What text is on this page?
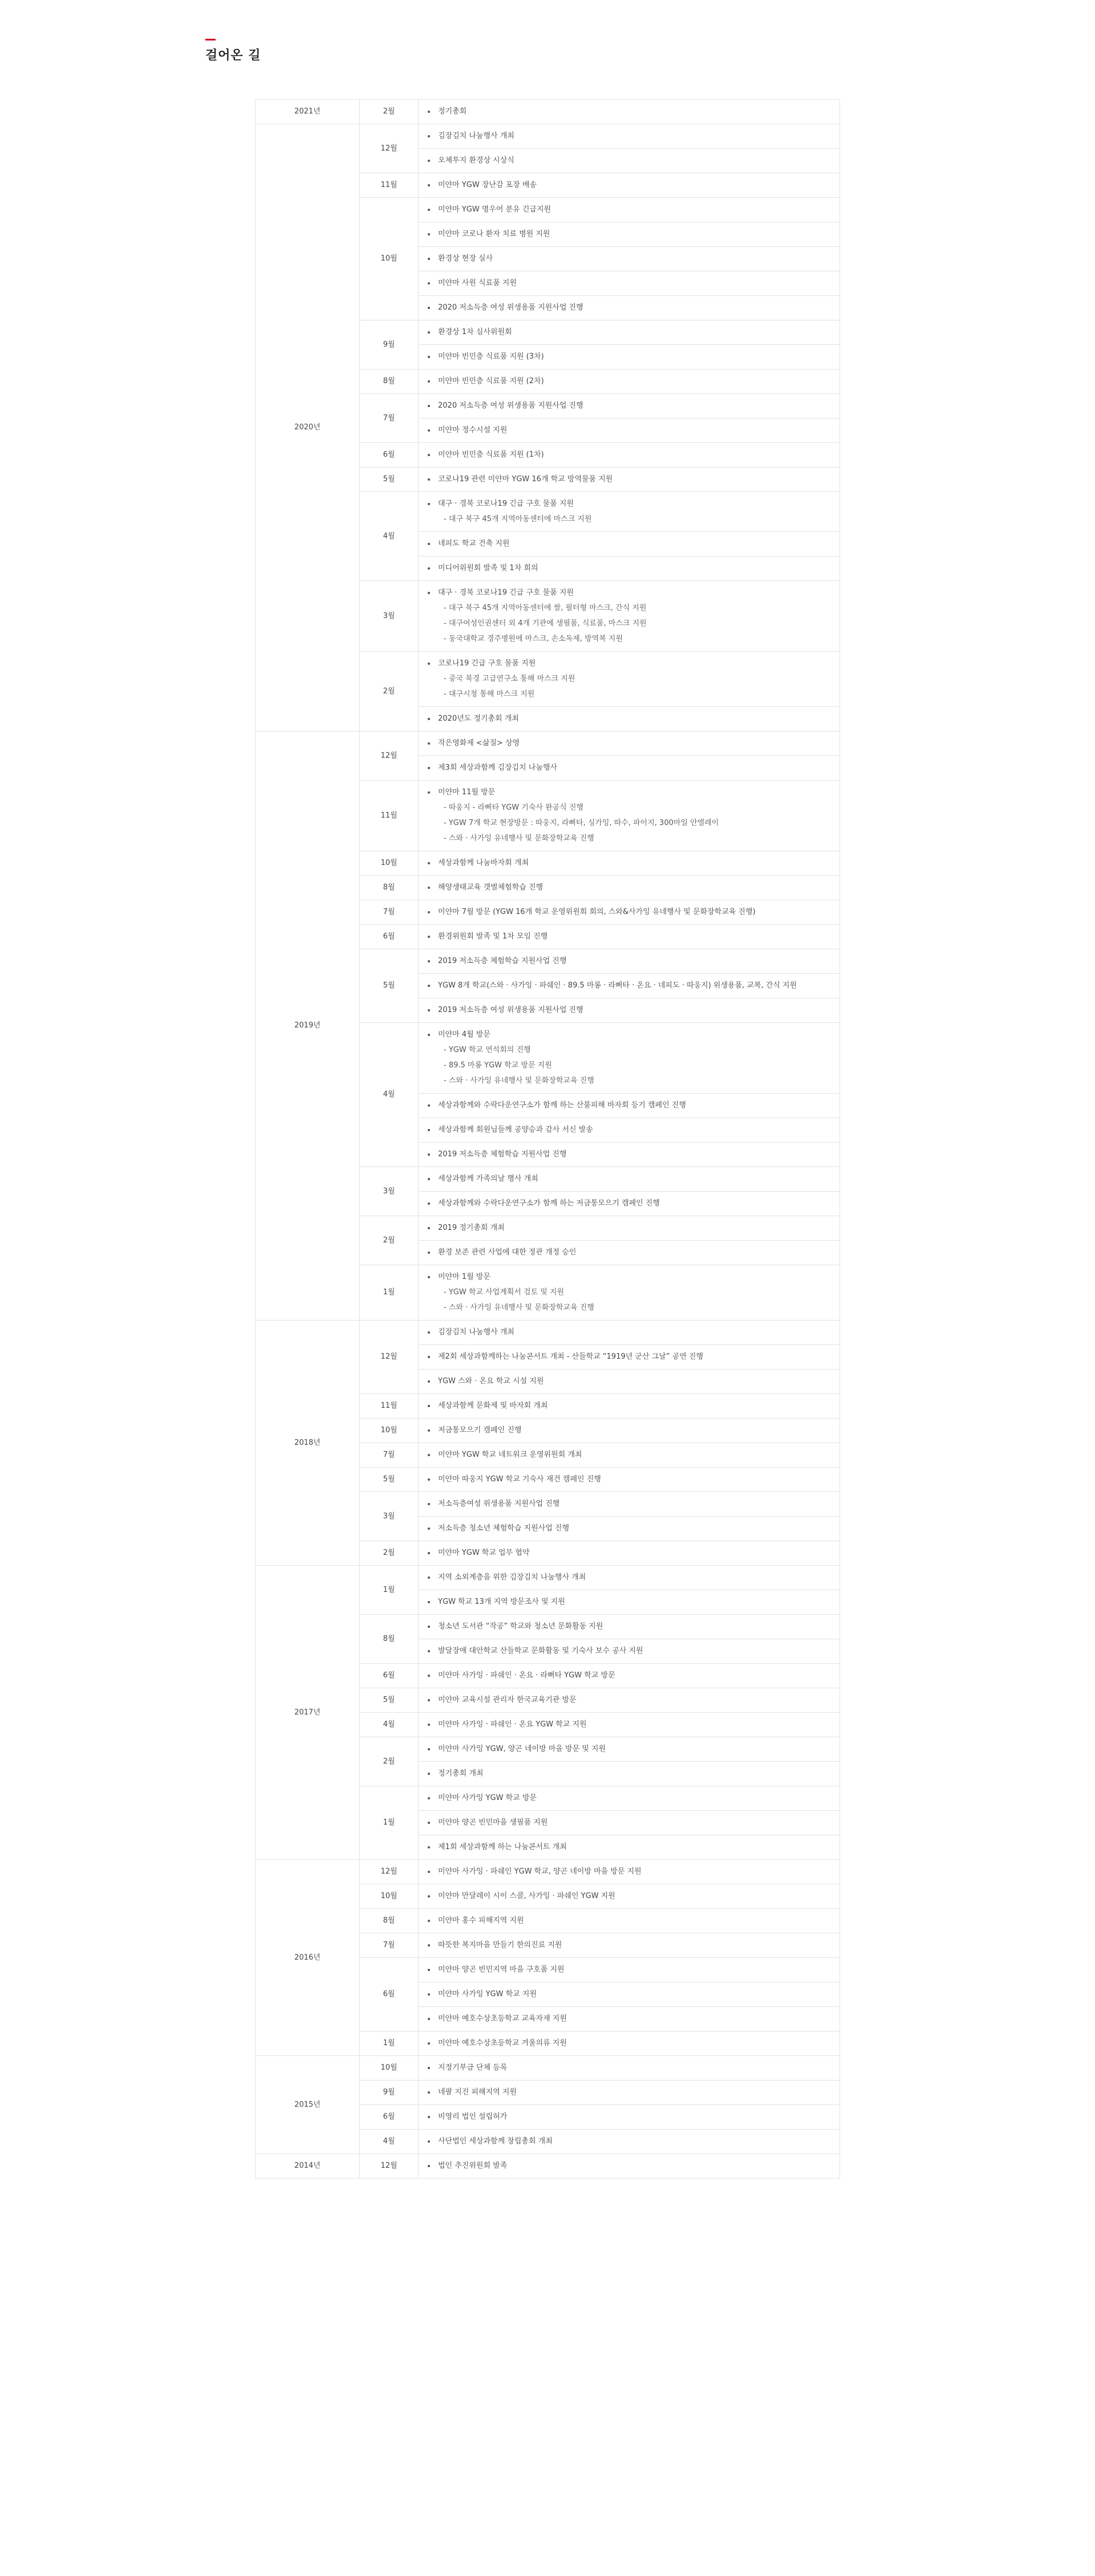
걸어온 길
2021년	2월	정기총회
2020년	12월	김장김치 나눔행사 개최
		오체투지 환경상 시상식
	11월	미얀마 YGW 장난감 포장 배송
	10월	미얀마 YGW 명우어 분유 긴급지원
		미얀마 코로나 환자 치료 병원 지원
		환경상 현장 실사
		미얀마 사원 식료품 지원
		2020 저소득층 여성 위생용품 지원사업 진행
	9월	환경상 1차 심사위원회
		미얀마 빈민층 식료품 지원 (3차)
	8월	미얀마 빈민층 식료품 지원 (2차)
	7월	2020 저소득층 여성 위생용품 지원사업 진행
		미얀마 정수시설 지원
	6월	미얀마 빈민층 식료품 지원 (1차)
	5월	코로나19 관련 미얀마 YGW 16개 학교 방역물품 지원
	4월	대구 · 경북 코로나19 긴급 구호 물품 지원
- 대구 북구 45개 지역아동센터에 마스크 지원

		네피도 학교 건축 지원
		미디어위원회 발족 및 1차 회의
	3월	대구 · 경북 코로나19 긴급 구호 물품 지원
- 대구 북구 45개 지역아동센터에 쌀, 필터형 마스크, 간식 지원
- 대구여성인권센터 외 4개 기관에 생필품, 식료품, 마스크 지원
- 동국대학교 경주병원에 마스크, 손소독제, 방역복 지원

	2월	코로나19 긴급 구호 물품 지원
- 중국 북경 고급연구소 통해 마스크 지원
- 대구시청 통해 마스크 지원

		2020년도 정기총회 개최
2019년	12월	작은영화제 <삶질> 상영
		제3회 세상과함께 김장김치 나눔행사
	11월	미얀마 11월 방문
- 따웅지 - 라뻐타 YGW 기숙사 완공식 진행
- YGW 7개 학교 현장방문 : 따웅지, 라뻐타, 싱가잉, 따수, 파이지, 300마일 안엘레이
- 스와 · 사가잉 유네행사 및 문화장학교육 진행

	10월	세상과함께 나눔바자회 개최
	8월	해양생태교육 갯벌체험학습 진행
	7월	미얀마 7월 방문 (YGW 16개 학교 운영위원회 회의, 스와&사가잉 유네행사 및 문화장학교육 진행)
	6월	환경위원회 발족 및 1차 모임 진행
	5월	2019 저소득층 체험학습 지원사업 진행
		YGW 8개 학교(스와 · 사가잉 · 파쉐인 · 89.5 마롱 · 라뻐타 · 온요 · 네피도 · 따웅지) 위생용품, 교복, 간식 지원
		2019 저소득층 여성 위생용품 지원사업 진행
	4월	미얀마 4월 방문
- YGW 학교 연석회의 진행
- 89.5 마롱 YGW 학교 방문 지원
- 스와 · 사가잉 유네행사 및 문화장학교육 진행

		세상과함께와 수락다운연구소가 함께 하는 산불피해 바자회 등기 캠페인 진행
		세상과함께 회원님들께 공양승과 감사 서신 발송
		2019 저소득층 체험학습 지원사업 진행
	3월	세상과함께 가족의날 행사 개최
		세상과함께와 수락다운연구소가 함께 하는 저금통모으기 캠페인 진행
	2월	2019 정기총회 개최
		환경 보존 관련 사업에 대한 정관 개정 승인
	1월	미얀마 1월 방문
- YGW 학교 사업계획서 검토 및 지원
- 스와 · 사가잉 유네행사 및 문화장학교육 진행

2018년	12월	김장김치 나눔행사 개최
		제2회 세상과함께하는 나눔콘서트 개최 - 산들학교 “1919년 군산 그날” 공연 진행
		YGW 스와 · 온요 학교 시설 지원
	11월	세상과함께 문화제 및 바자회 개최
	10월	저금통모으기 캠페인 진행
	7월	미얀마 YGW 학교 네트워크 운영위원회 개최
	5월	미얀마 따웅지 YGW 학교 기숙사 재건 캠페인 진행
	3월	저소득층여성 위생용품 지원사업 진행
		저소득층 청소년 체험학습 지원사업 진행
	2월	미얀마 YGW 학교 업무 협약
2017년	1월	지역 소외계층을 위한 김장김치 나눔행사 개최
		YGW 학교 13개 지역 방문조사 및 지원
	8월	청소년 도서관 “작공” 학교와 청소년 문화활동 지원
		발달장애 대안학교 산들학교 문화활동 및 기숙사 보수 공사 지원
	6월	미얀마 사가잉 · 파쉐인 · 온요 · 라뻐타 YGW 학교 방문
	5월	미얀마 교육시설 관리자 한국교육기관 방문
	4월	미얀마 사가잉 · 파쉐인 · 온요 YGW 학교 지원
	2월	미얀마 사가잉 YGW, 양곤 네이방 마을 방문 및 지원
		정기총회 개최
	1월	미얀마 사가잉 YGW 학교 방문
		미얀마 양곤 빈민마을 생필품 지원
		제1회 세상과함께 하는 나눔콘서트 개최
2016년	12월	미얀마 사가잉 · 파쉐인 YGW 학교, 양곤 네이방 마을 방문 지원
	10월	미얀마 만달레이 시이 스콜, 사가잉 · 파쉐인 YGW 지원
	8월	미얀마 홍수 피해지역 지원
	7월	따뜻한 복지마을 만들기 한의진료 지원
	6월	미얀마 양곤 빈민지역 마을 구호품 지원
		미얀마 사가잉 YGW 학교 지원
		미얀마 예호수상초등학교 교육자재 지원
	1월	미얀마 예호수상초등학교 겨울의류 지원
2015년	10월	지정기부금 단체 등록
	9월	네팔 지진 피해지역 지원
	6월	비영리 법인 설립허가
	4월	사단법인 세상과함께 창립총회 개최
2014년	12월	법인 추진위원회 발족
